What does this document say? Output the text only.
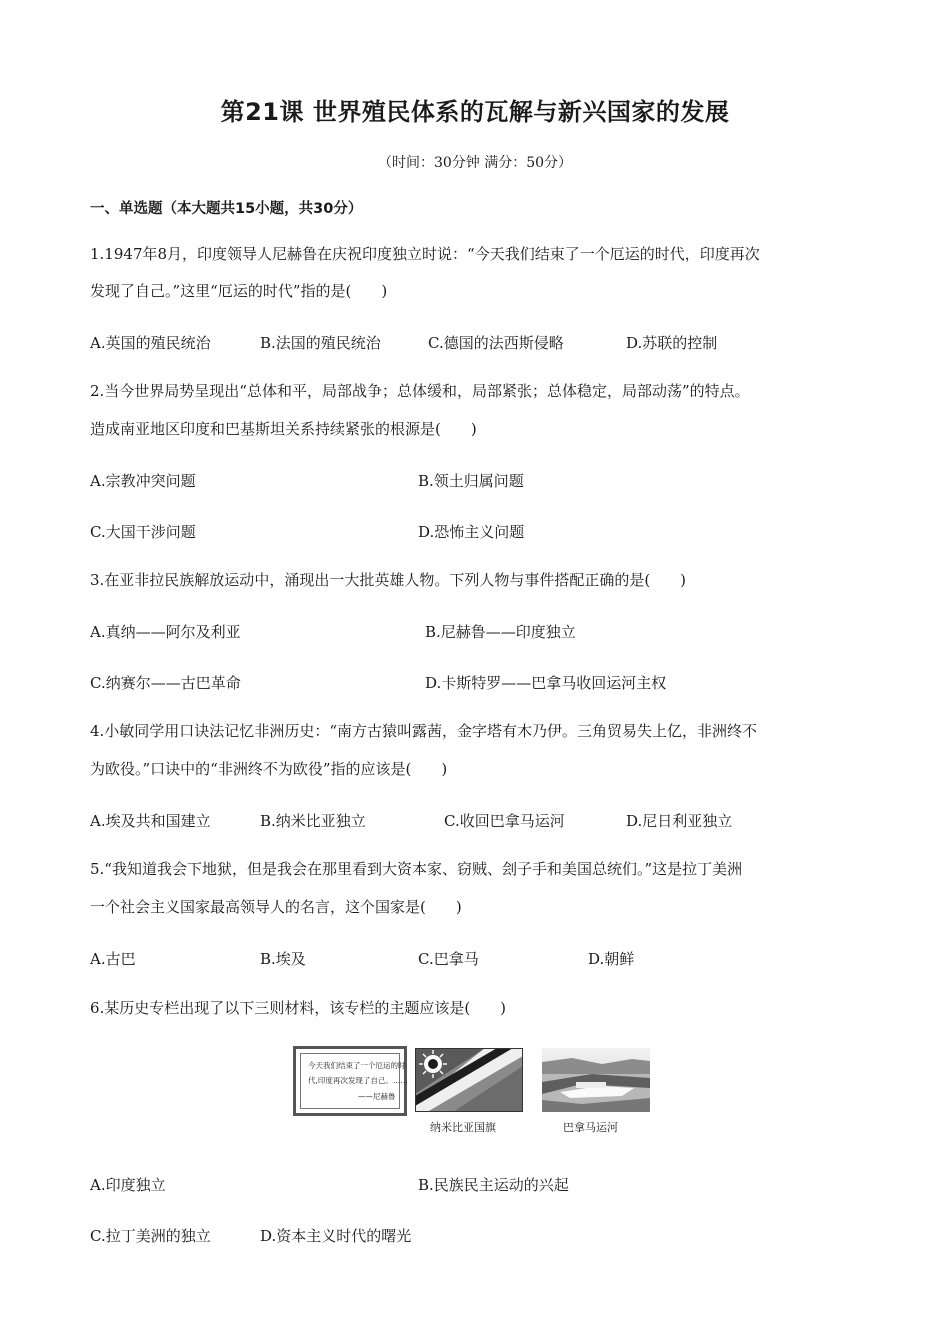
第21课 世界殖民体系的瓦解与新兴国家的发展
（时间：30分钟 满分：50分）
一、单选题（本大题共15小题，共30分）
1.1947年8月，印度领导人尼赫鲁在庆祝印度独立时说：“今天我们结束了一个厄运的时代，印度再次
发现了自己。”这里“厄运的时代”指的是(　　)
A.英国的殖民统治	B.法国的殖民统治	C.德国的法西斯侵略	D.苏联的控制
2.当今世界局势呈现出“总体和平，局部战争；总体缓和，局部紧张；总体稳定，局部动荡”的特点。
造成南亚地区印度和巴基斯坦关系持续紧张的根源是(　　)
A.宗教冲突问题	B.领土归属问题
C.大国干涉问题	D.恐怖主义问题
3.在亚非拉民族解放运动中，涌现出一大批英雄人物。下列人物与事件搭配正确的是(　　)
A.真纳——阿尔及利亚	B.尼赫鲁——印度独立
C.纳赛尔——古巴革命	D.卡斯特罗——巴拿马收回运河主权
4.小敏同学用口诀法记忆非洲历史：“南方古猿叫露茜，金字塔有木乃伊。三角贸易失上亿，非洲终不
为欧役。”口诀中的“非洲终不为欧役”指的应该是(　　)
A.埃及共和国建立	B.纳米比亚独立	C.收回巴拿马运河	D.尼日利亚独立
5.“我知道我会下地狱，但是我会在那里看到大资本家、窃贼、刽子手和美国总统们。”这是拉丁美洲
一个社会主义国家最高领导人的名言，这个国家是(　　)
A.古巴	B.埃及	C.巴拿马	D.朝鲜
6.某历史专栏出现了以下三则材料，该专栏的主题应该是(　　)
今天我们结束了一个厄运的时
代,印度再次发现了自己。……
——尼赫鲁
纳米比亚国旗	巴拿马运河
A.印度独立	B.民族民主运动的兴起
C.拉丁美洲的独立	D.资本主义时代的曙光
